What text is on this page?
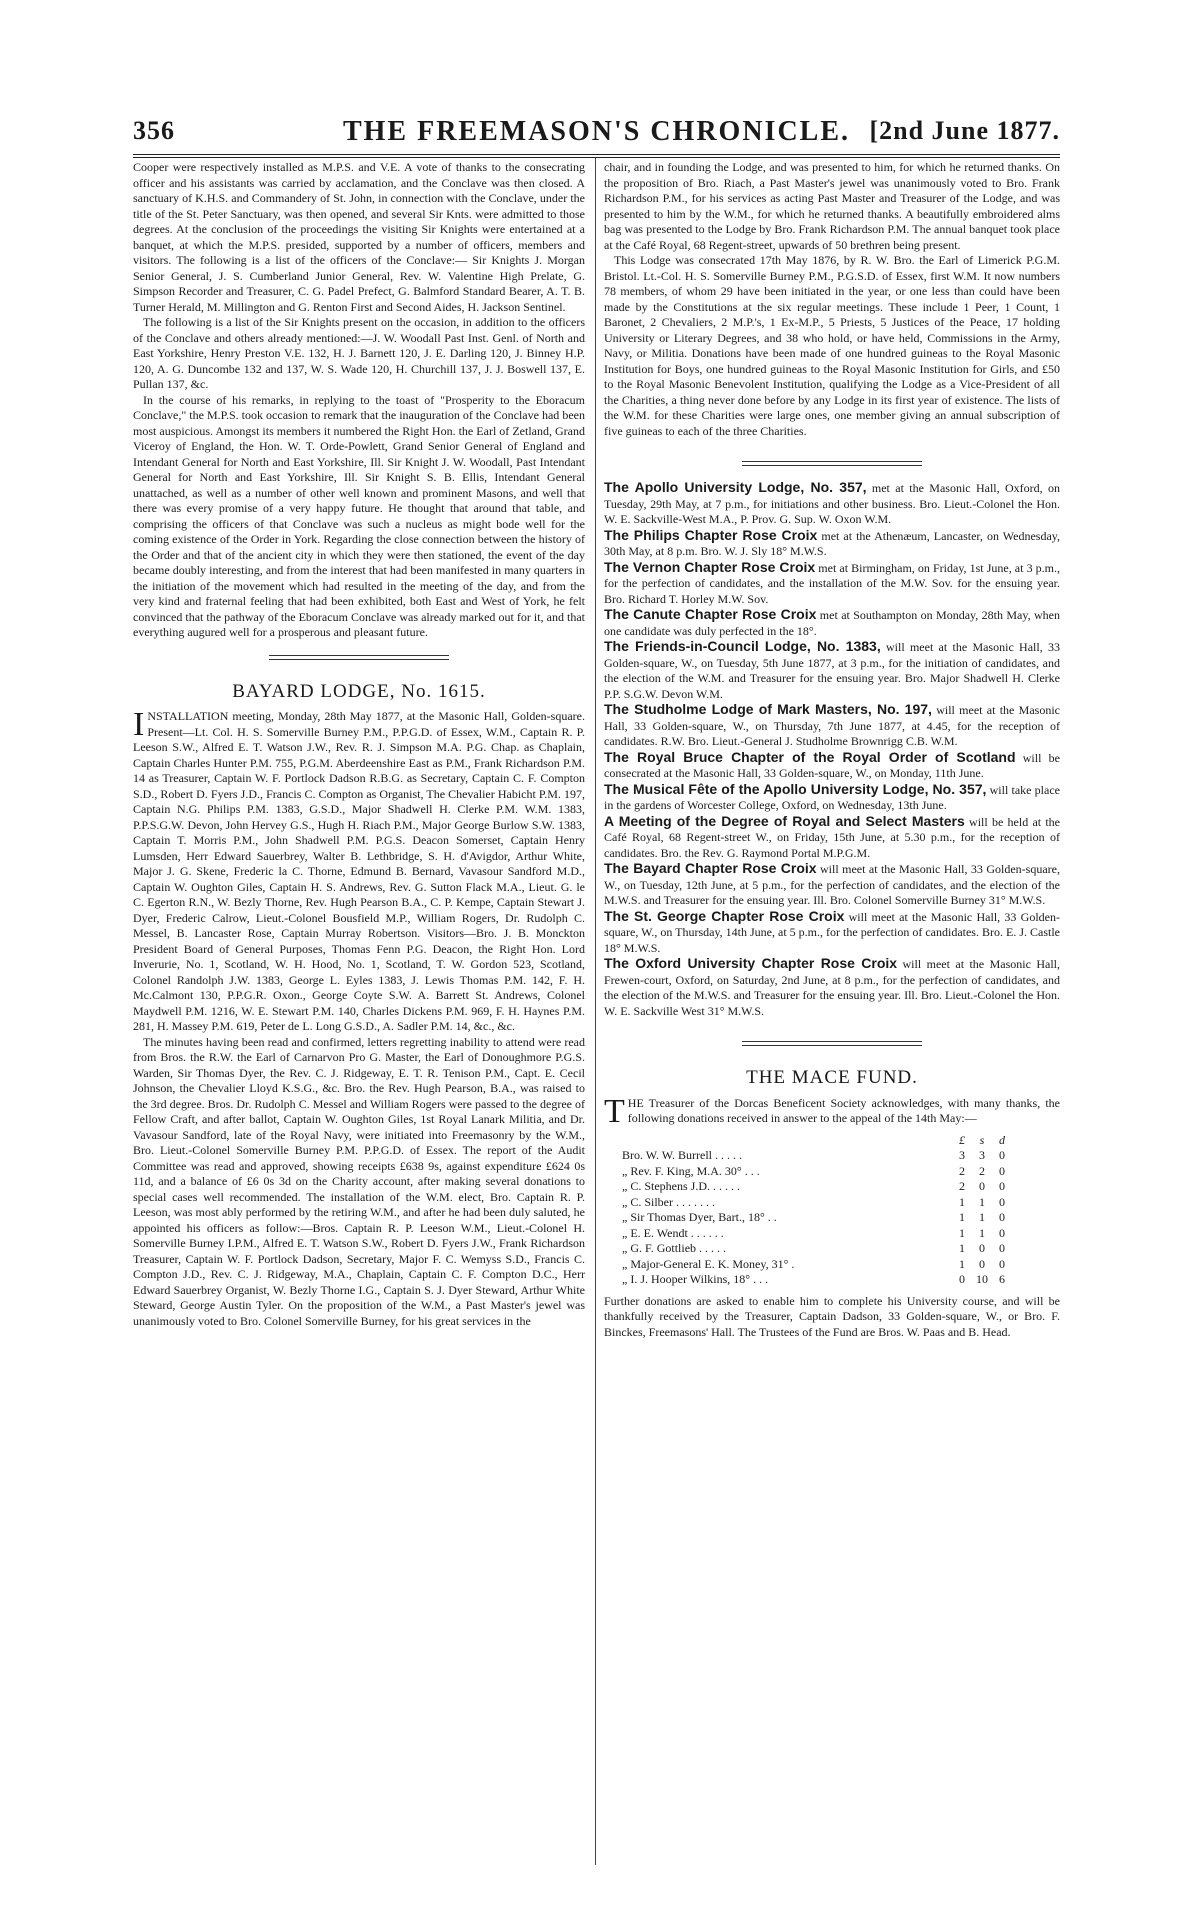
THE FREEMASON'S CHRONICLE.
356	[2nd June 1877.

Cooper were respectively installed as M.P.S. and V.E. A vote of thanks to the consecrating officer and his assistants was carried by acclamation, and the Conclave was then closed. A sanctuary of K.H.S. and Commandery of St. John, in connection with the Conclave, under the title of the St. Peter Sanctuary, was then opened, and several Sir Knts. were admitted to those degrees. At the conclusion of the proceedings the visiting Sir Knights were entertained at a banquet, at which the M.P.S. presided, supported by a number of officers, members and visitors. The following is a list of the officers of the Conclave:— Sir Knights J. Morgan Senior General, J. S. Cumberland Junior General, Rev. W. Valentine High Prelate, G. Simpson Recorder and Treasurer, C. G. Padel Prefect, G. Balmford Standard Bearer, A. T. B. Turner Herald, M. Millington and G. Renton First and Second Aides, H. Jackson Sentinel.

The following is a list of the Sir Knights present on the occasion, in addition to the officers of the Conclave and others already mentioned:—J. W. Woodall Past Inst. Genl. of North and East Yorkshire, Henry Preston V.E. 132, H. J. Barnett 120, J. E. Darling 120, J. Binney H.P. 120, A. G. Duncombe 132 and 137, W. S. Wade 120, H. Churchill 137, J. J. Boswell 137, E. Pullan 137, &c.

In the course of his remarks, in replying to the toast of "Prosperity to the Eboracum Conclave," the M.P.S. took occasion to remark that the inauguration of the Conclave had been most auspicious. Amongst its members it numbered the Right Hon. the Earl of Zetland, Grand Viceroy of England, the Hon. W. T. Orde-Powlett, Grand Senior General of England and Intendant General for North and East Yorkshire, Ill. Sir Knight J. W. Woodall, Past Intendant General for North and East Yorkshire, Ill. Sir Knight S. B. Ellis, Intendant General unattached, as well as a number of other well known and prominent Masons, and well that there was every promise of a very happy future. He thought that around that table, and comprising the officers of that Conclave was such a nucleus as might bode well for the coming existence of the Order in York. Regarding the close connection between the history of the Order and that of the ancient city in which they were then stationed, the event of the day became doubly interesting, and from the interest that had been manifested in many quarters in the initiation of the movement which had resulted in the meeting of the day, and from the very kind and fraternal feeling that had been exhibited, both East and West of York, he felt convinced that the pathway of the Eboracum Conclave was already marked out for it, and that everything augured well for a prosperous and pleasant future.

BAYARD LODGE, No. 1615.

INSTALLATION meeting, Monday, 28th May 1877, at the Masonic Hall, Golden-square. Present—Lt. Col. H. S. Somerville Burney P.M., P.P.G.D. of Essex, W.M., Captain R. P. Leeson S.W., Alfred E. T. Watson J.W., Rev. R. J. Simpson M.A. P.G. Chap. as Chaplain, Captain Charles Hunter P.M. 755, P.G.M. Aberdeenshire East as P.M., Frank Richardson P.M. 14 as Treasurer, Captain W. F. Portlock Dadson R.B.G. as Secretary, Captain C. F. Compton S.D., Robert D. Fyers J.D., Francis C. Compton as Organist, The Chevalier Habicht P.M. 197, Captain N.G. Philips P.M. 1383, G.S.D., Major Shadwell H. Clerke P.M. W.M. 1383, P.P.S.G.W. Devon, John Hervey G.S., Hugh H. Riach P.M., Major George Burlow S.W. 1383, Captain T. Morris P.M., John Shadwell P.M. P.G.S. Deacon Somerset, Captain Henry Lumsden, Herr Edward Sauerbrey, Walter B. Lethbridge, S. H. d'Avigdor, Arthur White, Major J. G. Skene, Frederic la C. Thorne, Edmund B. Bernard, Vavasour Sandford M.D., Captain W. Oughton Giles, Captain H. S. Andrews, Rev. G. Sutton Flack M.A., Lieut. G. le C. Egerton R.N., W. Bezly Thorne, Rev. Hugh Pearson B.A., C. P. Kempe, Captain Stewart J. Dyer, Frederic Calrow, Lieut.-Colonel Bousfield M.P., William Rogers, Dr. Rudolph C. Messel, B. Lancaster Rose, Captain Murray Robertson. Visitors—Bro. J. B. Monckton President Board of General Purposes, Thomas Fenn P.G. Deacon, the Right Hon. Lord Inverurie, No. 1, Scotland, W. H. Hood, No. 1, Scotland, T. W. Gordon 523, Scotland, Colonel Randolph J.W. 1383, George L. Eyles 1383, J. Lewis Thomas P.M. 142, F. H. Mc.Calmont 130, P.P.G.R. Oxon., George Coyte S.W. A. Barrett St. Andrews, Colonel Maydwell P.M. 1216, W. E. Stewart P.M. 140, Charles Dickens P.M. 969, F. H. Haynes P.M. 281, H. Massey P.M. 619, Peter de L. Long G.S.D., A. Sadler P.M. 14, &c., &c.

The minutes having been read and confirmed, letters regretting inability to attend were read from Bros. the R.W. the Earl of Carnarvon Pro G. Master, the Earl of Donoughmore P.G.S. Warden, Sir Thomas Dyer, the Rev. C. J. Ridgeway, E. T. R. Tenison P.M., Capt. E. Cecil Johnson, the Chevalier Lloyd K.S.G., &c. Bro. the Rev. Hugh Pearson, B.A., was raised to the 3rd degree. Bros. Dr. Rudolph C. Messel and William Rogers were passed to the degree of Fellow Craft, and after ballot, Captain W. Oughton Giles, 1st Royal Lanark Militia, and Dr. Vavasour Sandford, late of the Royal Navy, were initiated into Freemasonry by the W.M., Bro. Lieut.-Colonel Somerville Burney P.M. P.P.G.D. of Essex. The report of the Audit Committee was read and approved, showing receipts £638 9s, against expenditure £624 0s 11d, and a balance of £6 0s 3d on the Charity account, after making several donations to special cases well recommended. The installation of the W.M. elect, Bro. Captain R. P. Leeson, was most ably performed by the retiring W.M., and after he had been duly saluted, he appointed his officers as follow:—Bros. Captain R. P. Leeson W.M., Lieut.-Colonel H. Somerville Burney I.P.M., Alfred E. T. Watson S.W., Robert D. Fyers J.W., Frank Richardson Treasurer, Captain W. F. Portlock Dadson, Secretary, Major F. C. Wemyss S.D., Francis C. Compton J.D., Rev. C. J. Ridgeway, M.A., Chaplain, Captain C. F. Compton D.C., Herr Edward Sauerbrey Organist, W. Bezly Thorne I.G., Captain S. J. Dyer Steward, Arthur White Steward, George Austin Tyler. On the proposition of the W.M., a Past Master's jewel was unanimously voted to Bro. Colonel Somerville Burney, for his great services in the

chair, and in founding the Lodge, and was presented to him, for which he returned thanks. On the proposition of Bro. Riach, a Past Master's jewel was unanimously voted to Bro. Frank Richardson P.M., for his services as acting Past Master and Treasurer of the Lodge, and was presented to him by the W.M., for which he returned thanks. A beautifully embroidered alms bag was presented to the Lodge by Bro. Frank Richardson P.M. The annual banquet took place at the Café Royal, 68 Regent-street, upwards of 50 brethren being present.

This Lodge was consecrated 17th May 1876, by R. W. Bro. the Earl of Limerick P.G.M. Bristol. Lt.-Col. H. S. Somerville Burney P.M., P.G.S.D. of Essex, first W.M. It now numbers 78 members, of whom 29 have been initiated in the year, or one less than could have been made by the Constitutions at the six regular meetings. These include 1 Peer, 1 Count, 1 Baronet, 2 Chevaliers, 2 M.P.'s, 1 Ex-M.P., 5 Priests, 5 Justices of the Peace, 17 holding University or Literary Degrees, and 38 who hold, or have held, Commissions in the Army, Navy, or Militia. Donations have been made of one hundred guineas to the Royal Masonic Institution for Boys, one hundred guineas to the Royal Masonic Institution for Girls, and £50 to the Royal Masonic Benevolent Institution, qualifying the Lodge as a Vice-President of all the Charities, a thing never done before by any Lodge in its first year of existence. The lists of the W.M. for these Charities were large ones, one member giving an annual subscription of five guineas to each of the three Charities.

The Apollo University Lodge, No. 357, met at the Masonic Hall, Oxford, on Tuesday, 29th May, at 7 p.m., for initiations and other business. Bro. Lieut.-Colonel the Hon. W. E. Sackville-West M.A., P. Prov. G. Sup. W. Oxon W.M.

The Philips Chapter Rose Croix met at the Athenæum, Lancaster, on Wednesday, 30th May, at 8 p.m. Bro. W. J. Sly 18° M.W.S.

The Vernon Chapter Rose Croix met at Birmingham, on Friday, 1st June, at 3 p.m., for the perfection of candidates, and the installation of the M.W. Sov. for the ensuing year. Bro. Richard T. Horley M.W. Sov.

The Canute Chapter Rose Croix met at Southampton on Monday, 28th May, when one candidate was duly perfected in the 18°.

The Friends-in-Council Lodge, No. 1383, will meet at the Masonic Hall, 33 Golden-square, W., on Tuesday, 5th June 1877, at 3 p.m., for the initiation of candidates, and the election of the W.M. and Treasurer for the ensuing year. Bro. Major Shadwell H. Clerke P.P. S.G.W. Devon W.M.

The Studholme Lodge of Mark Masters, No. 197, will meet at the Masonic Hall, 33 Golden-square, W., on Thursday, 7th June 1877, at 4.45, for the reception of candidates. R.W. Bro. Lieut.-General J. Studholme Brownrigg C.B. W.M.

The Royal Bruce Chapter of the Royal Order of Scotland will be consecrated at the Masonic Hall, 33 Golden-square, W., on Monday, 11th June.

The Musical Fête of the Apollo University Lodge, No. 357, will take place in the gardens of Worcester College, Oxford, on Wednesday, 13th June.

A Meeting of the Degree of Royal and Select Masters will be held at the Café Royal, 68 Regent-street W., on Friday, 15th June, at 5.30 p.m., for the reception of candidates. Bro. the Rev. G. Raymond Portal M.P.G.M.

The Bayard Chapter Rose Croix will meet at the Masonic Hall, 33 Golden-square, W., on Tuesday, 12th June, at 5 p.m., for the perfection of candidates, and the election of the M.W.S. and Treasurer for the ensuing year. Ill. Bro. Colonel Somerville Burney 31° M.W.S.

The St. George Chapter Rose Croix will meet at the Masonic Hall, 33 Golden-square, W., on Thursday, 14th June, at 5 p.m., for the perfection of candidates. Bro. E. J. Castle 18° M.W.S.

The Oxford University Chapter Rose Croix will meet at the Masonic Hall, Frewen-court, Oxford, on Saturday, 2nd June, at 8 p.m., for the perfection of candidates, and the election of the M.W.S. and Treasurer for the ensuing year. Ill. Bro. Lieut.-Colonel the Hon. W. E. Sackville West 31° M.W.S.

THE MACE FUND.

THE Treasurer of the Dorcas Beneficent Society acknowledges, with many thanks, the following donations received in answer to the appeal of the 14th May:—

£	s	d
Bro. W. W. Burrell . . . . .	3	3	0
„ Rev. F. King, M.A. 30° . . .	2	2	0
„ C. Stephens J.D. . . . . .	2	0	0
„ C. Silber . . . . . . .	1	1	0
„ Sir Thomas Dyer, Bart., 18° . .	1	1	0
„ E. E. Wendt . . . . . .	1	1	0
„ G. F. Gottlieb . . . . .	1	0	0
„ Major-General E. K. Money, 31° .	1	0	0
„ I. J. Hooper Wilkins, 18° . . .	0 10 6

Further donations are asked to enable him to complete his University course, and will be thankfully received by the Treasurer, Captain Dadson, 33 Golden-square, W., or Bro. F. Binckes, Freemasons' Hall. The Trustees of the Fund are Bros. W. Paas and B. Head.
